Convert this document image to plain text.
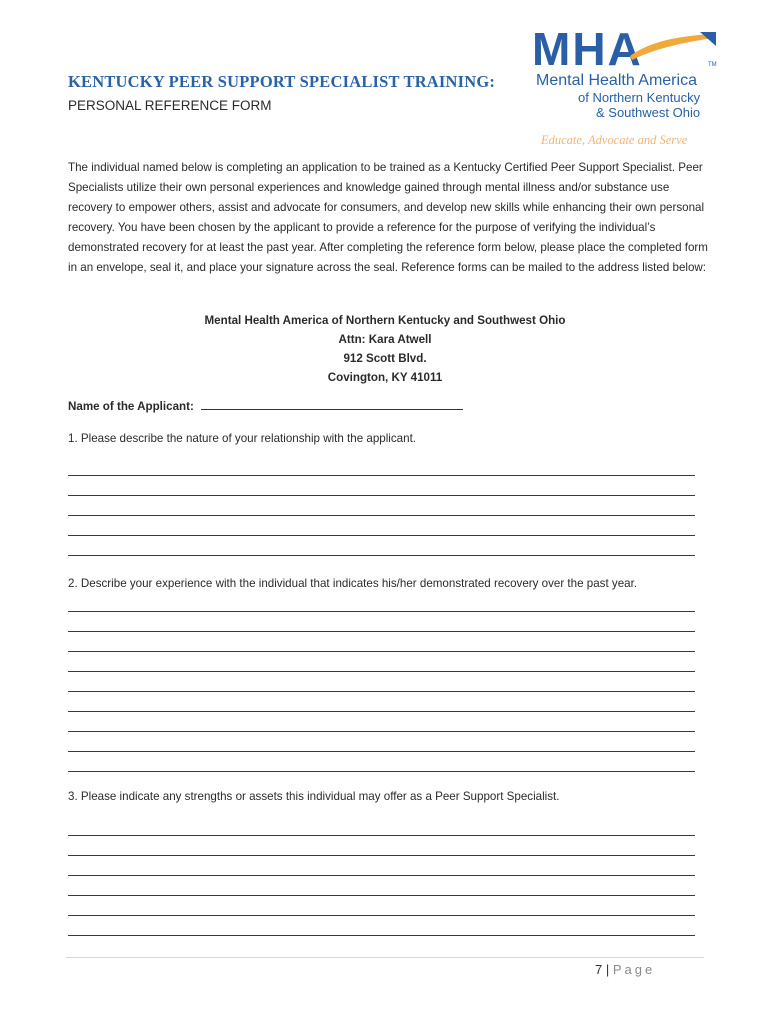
KENTUCKY PEER SUPPORT SPECIALIST TRAINING:
PERSONAL REFERENCE FORM
MHA	TM
Mental Health America
of Northern Kentucky
& Southwest Ohio
Educate, Advocate and Serve
The individual named below is completing an application to be trained as a Kentucky Certified Peer Support Specialist. Peer Specialists utilize their own personal experiences and knowledge gained through mental illness and/or substance use recovery to empower others, assist and advocate for consumers, and develop new skills while enhancing their own personal recovery. You have been chosen by the applicant to provide a reference for the purpose of verifying the individual’s demonstrated recovery for at least the past year. After completing the reference form below, please place the completed form in an envelope, seal it, and place your signature across the seal. Reference forms can be mailed to the address listed below:
Mental Health America of Northern Kentucky and Southwest Ohio
Attn: Kara Atwell
912 Scott Blvd.
Covington, KY 41011
Name of the Applicant:
1. Please describe the nature of your relationship with the applicant.
2. Describe your experience with the individual that indicates his/her demonstrated recovery over the past year.
3. Please indicate any strengths or assets this individual may offer as a Peer Support Specialist.
7 | Page
